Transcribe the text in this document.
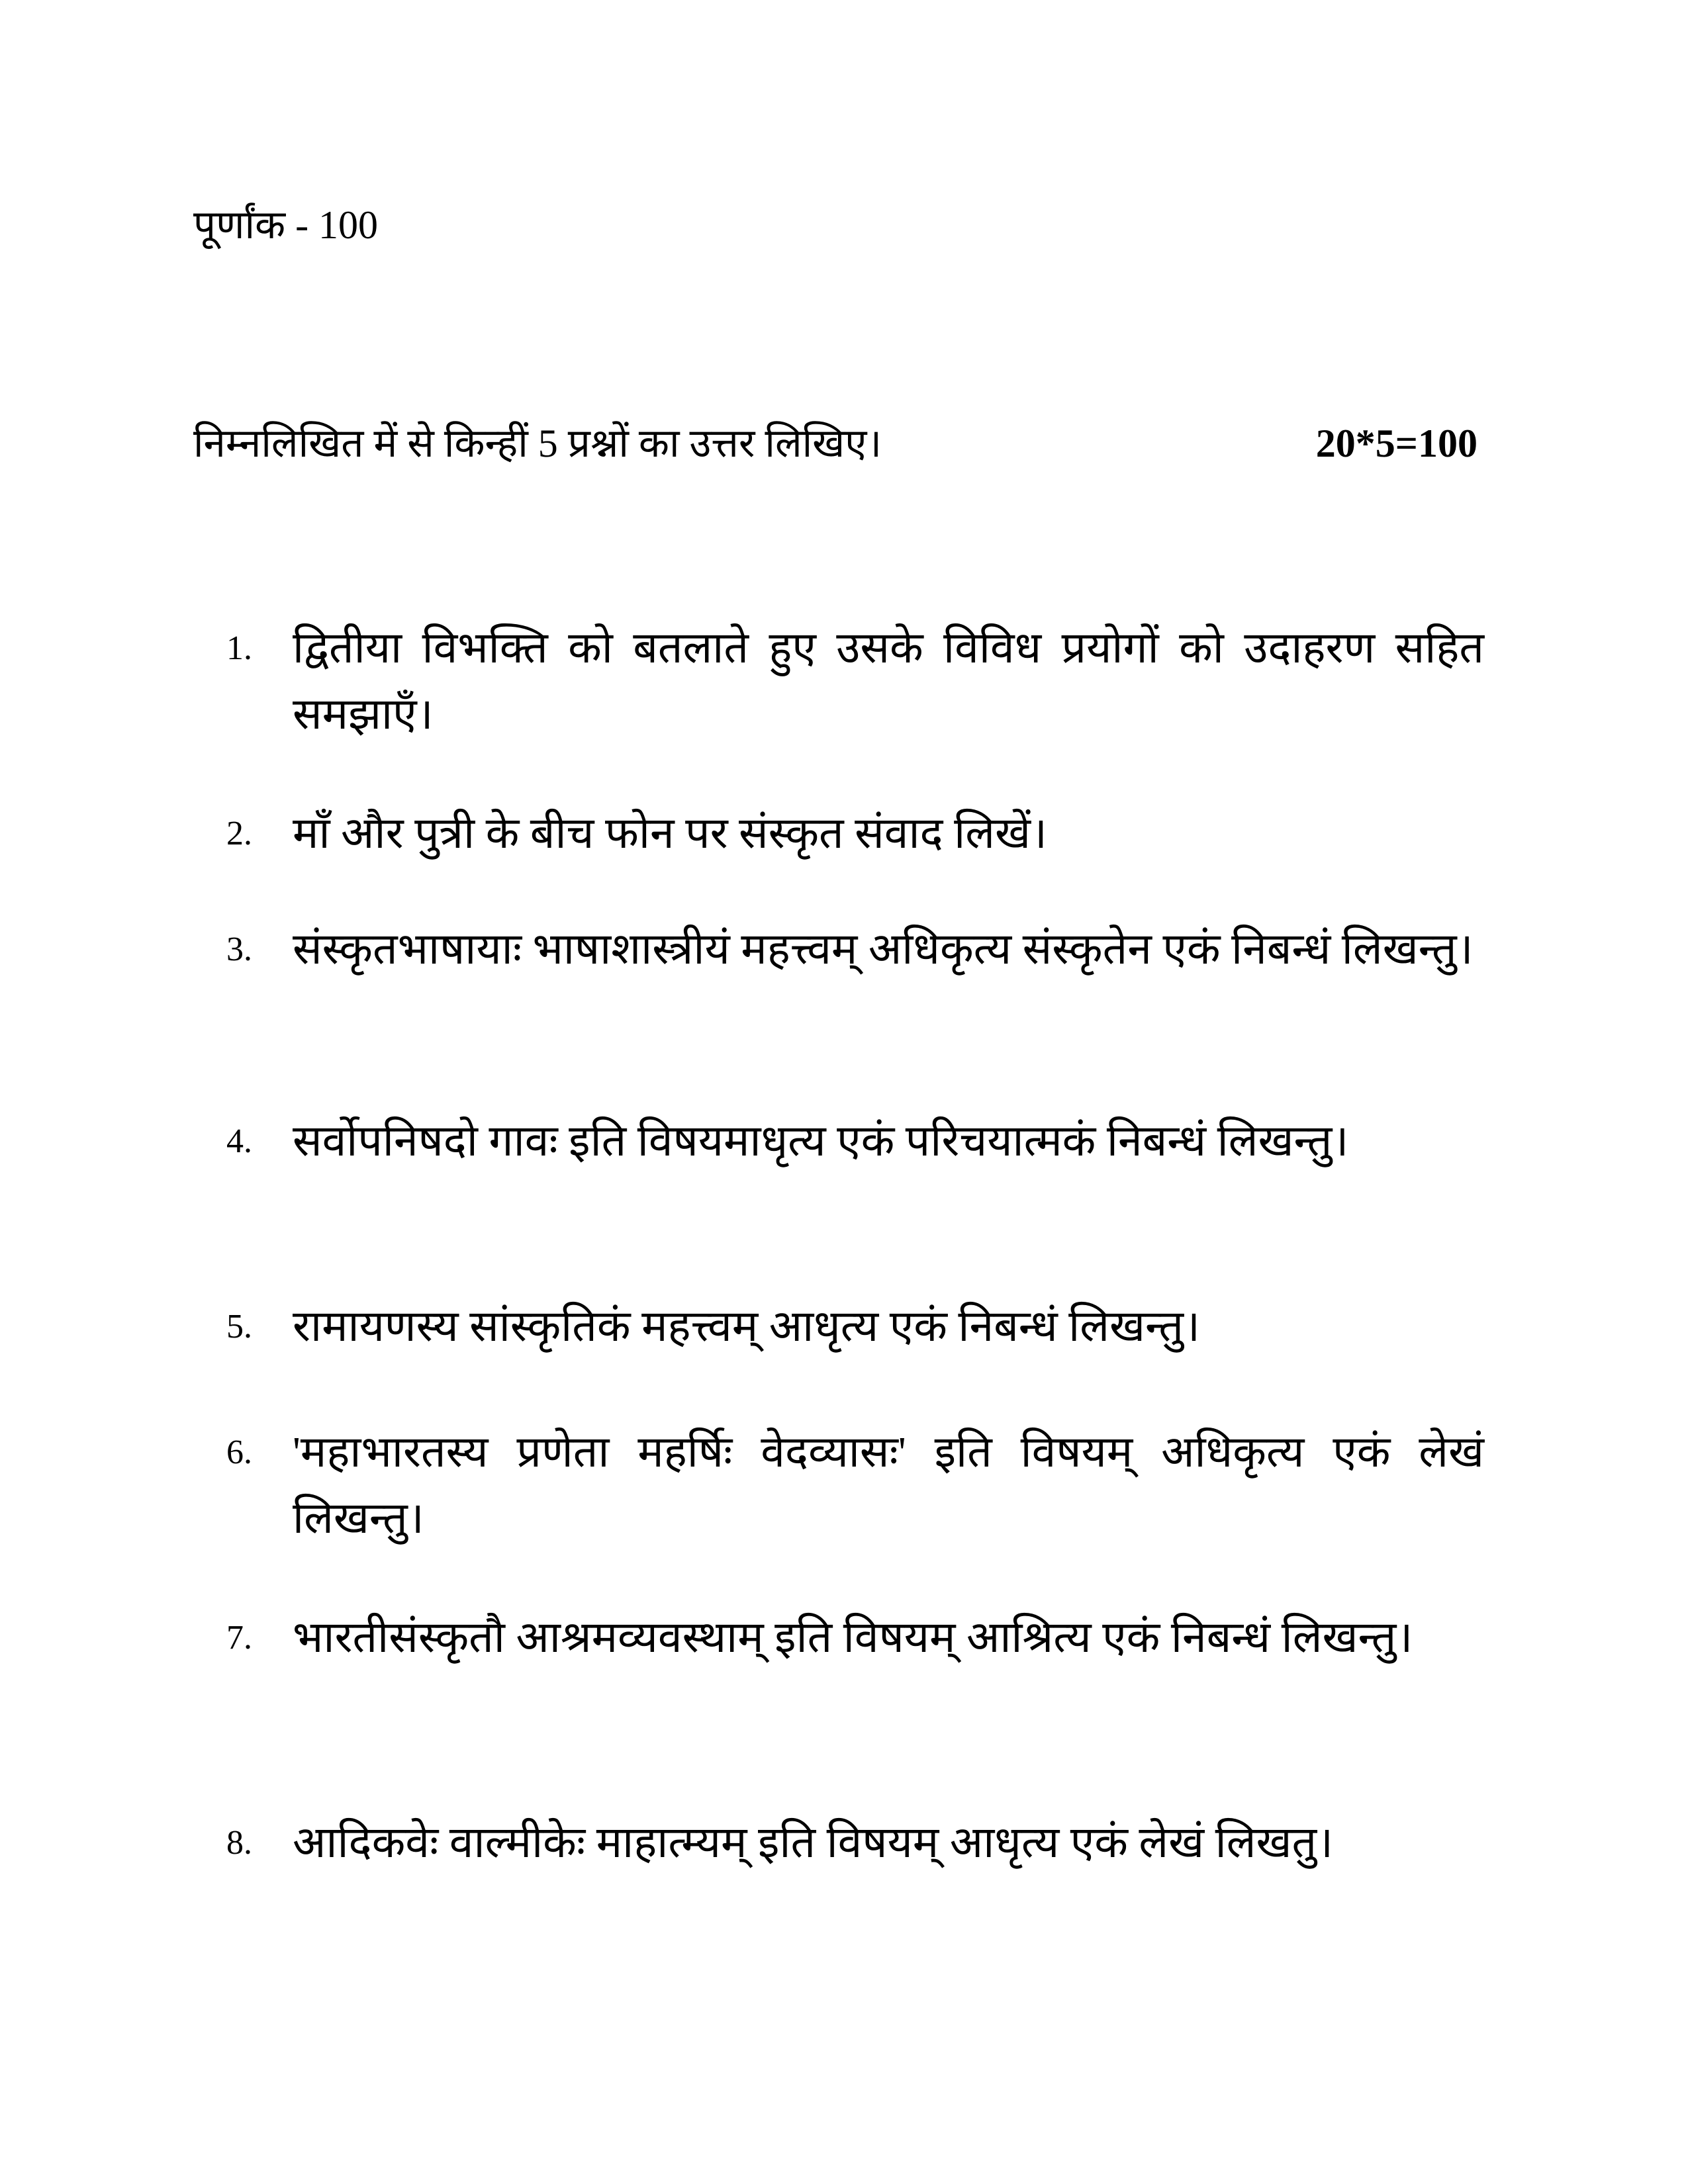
पूर्णांक - 100
निम्नलिखित में से किन्हीं 5 प्रश्नों का उत्तर लिखिए।	20*5=100
1. द्वितीया विभक्ति को बतलाते हुए उसके विविध प्रयोगों को उदाहरण सहित समझाएँ।
2. माँ और पुत्री के बीच फोन पर संस्कृत संवाद लिखें।
3. संस्कृतभाषायाः भाषाशास्त्रीयं महत्त्वम् अधिकृत्य संस्कृतेन एकं निबन्धं लिखन्तु।
4. सर्वोपनिषदो गावः इति विषयमाधृत्य एकं परिचयात्मकं निबन्धं लिखन्तु।
5. रामायणस्य सांस्कृतिकं महत्त्वम् आधृत्य एकं निबन्धं लिखन्तु।
6. 'महाभारतस्य प्रणेता महर्षिः वेदव्यासः' इति विषयम् अधिकृत्य एकं लेखं लिखन्तु।
7. भारतीसंस्कृतौ आश्रमव्यवस्थाम् इति विषयम् आश्रित्य एकं निबन्धं लिखन्तु।
8. आदिकवेः वाल्मीकेः माहात्म्यम् इति विषयम् आधृत्य एकं लेखं लिखतु।
